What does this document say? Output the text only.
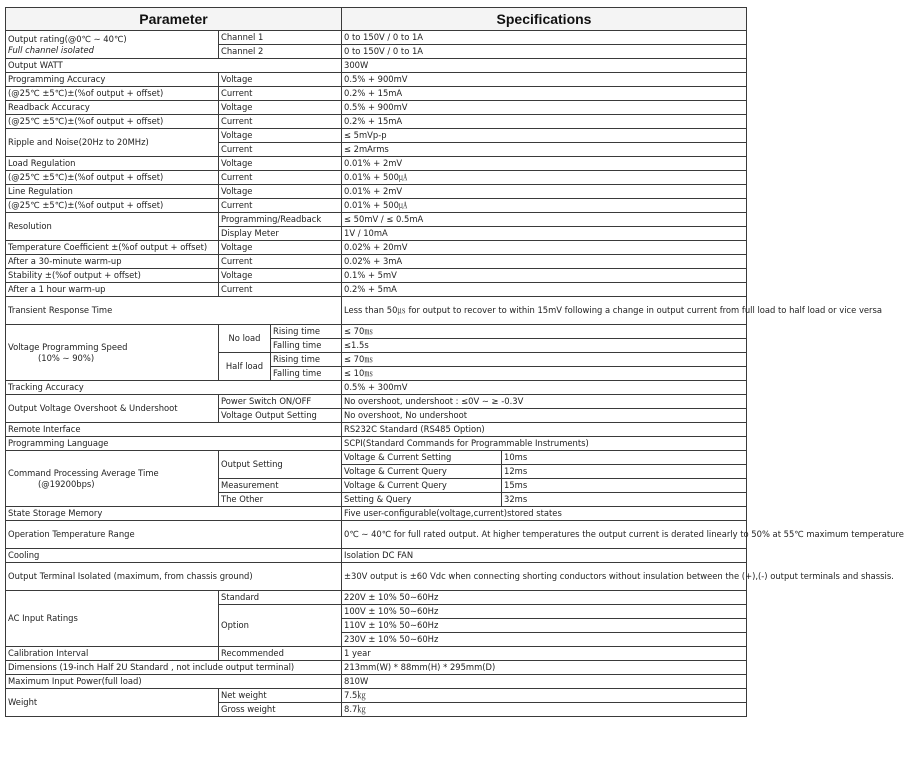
Parameter			Specifications	

Output rating(@0℃ ∼ 40℃)
Full channel isolated	Channel 1		0 to 150V / 0 to 1A	
	Channel 2		0 to 150V / 0 to 1A	
Output WATT			300W	
Programming Accuracy	Voltage		0.5% + 900mV	
(@25℃ ±5℃)±(%of output + offset)	Current		0.2% + 15mA	
Readback Accuracy	Voltage		0.5% + 900mV	
(@25℃ ±5℃)±(%of output + offset)	Current		0.2% + 15mA	
Ripple and Noise(20Hz to 20MHz)	Voltage		≤ 5mVp-p	
	Current		≤ 2mArms	
Load Regulation	Voltage		0.01% + 2mV	
(@25℃ ±5℃)±(%of output + offset)	Current		0.01% + 500㎂	
Line Regulation	Voltage		0.01% + 2mV	
(@25℃ ±5℃)±(%of output + offset)	Current		0.01% + 500㎂	
Resolution	Programming/Readback		≤ 50mV / ≤ 0.5mA	
	Display Meter		1V / 10mA	
Temperature Coefficient ±(%of output + offset)	Voltage		0.02% + 20mV	
After a 30-minute warm-up	Current		0.02% + 3mA	
Stability ±(%of output + offset)	Voltage		0.1% + 5mV	
After a 1 hour warm-up	Current		0.2% + 5mA	
Transient Response Time			Less than 50㎲ for output to recover to within 15mV following a change in output current from full load to half load or vice versa	

Voltage Programming Speed
(10% ∼ 90%)	No load	Rising time	≤ 70㎳	
		Falling time	≤1.5s	
	Half load	Rising time	≤ 70㎳	
		Falling time	≤ 10㎳	
Tracking Accuracy			0.5% + 300mV	
Output Voltage Overshoot & Undershoot	Power Switch ON/OFF		No overshoot, undershoot : ≤0V ∼ ≥ -0.3V	
	Voltage Output Setting		No overshoot, No undershoot	
Remote Interface			RS232C Standard (RS485 Option)	
Programming Language			SCPI(Standard Commands for Programmable Instruments)	

Command Processing Average Time
(@19200bps)	Output Setting		Voltage & Current Setting	10ms
			Voltage & Current Query	12ms
	Measurement		Voltage & Current Query	15ms
	The Other		Setting & Query	32ms
State Storage Memory			Five user-configurable(voltage,current)stored states	
Operation Temperature Range			0℃ ∼ 40℃ for full rated output. At higher temperatures the output current is derated linearly to 50% at 55℃ maximum temperature	
Cooling			Isolation DC FAN	
Output Terminal Isolated (maximum, from chassis ground)			±30V output is ±60 Vdc when connecting shorting conductors without insulation between the (+),(-) output terminals and shassis.	
AC Input Ratings	Standard		220V ± 10% 50∼60Hz	
	Option		100V ± 10% 50∼60Hz	
			110V ± 10% 50∼60Hz	
			230V ± 10% 50∼60Hz	
Calibration Interval	Recommended		1 year	
Dimensions (19-inch Half 2U Standard , not include output terminal)			213mm(W) * 88mm(H) * 295mm(D)	
Maximum Input Power(full load)			810W	
Weight	Net weight		7.5㎏	
	Gross weight		8.7㎏	
